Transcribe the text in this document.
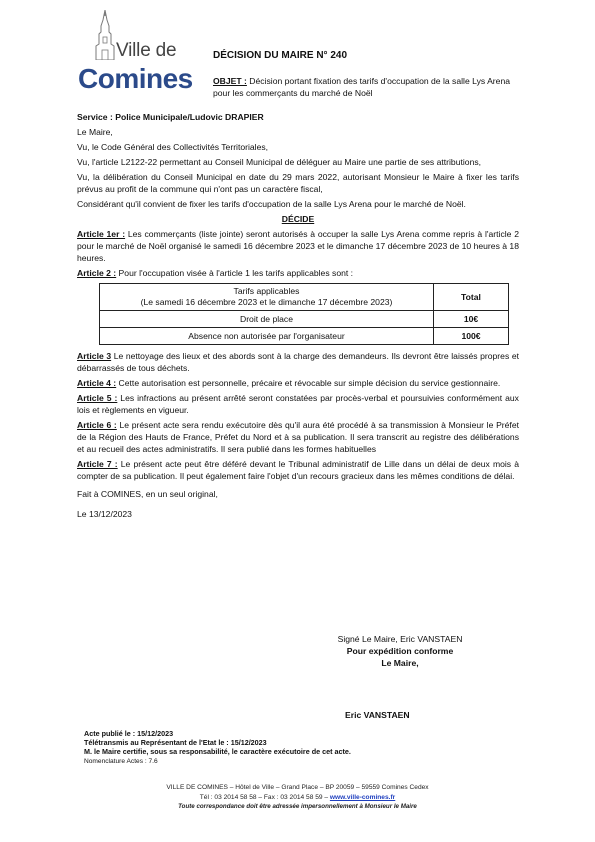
Ville de
Comines
DÉCISION DU MAIRE N° 240
OBJET : Décision portant fixation des tarifs d'occupation de la salle Lys Arena pour les commerçants du marché de Noël

Service : Police Municipale/Ludovic DRAPIER

Le Maire,

Vu, le Code Général des Collectivités Territoriales,

Vu, l'article L2122-22 permettant au Conseil Municipal de déléguer au Maire une partie de ses attributions,

Vu, la délibération du Conseil Municipal en date du 29 mars 2022, autorisant Monsieur le Maire à fixer les tarifs prévus au profit de la commune qui n'ont pas un caractère fiscal,

Considérant qu'il convient de fixer les tarifs d'occupation de la salle Lys Arena pour le marché de Noël.

DÉCIDE

Article 1er : Les commerçants (liste jointe) seront autorisés à occuper la salle Lys Arena comme repris à l'article 2 pour le marché de Noël organisé le samedi 16 décembre 2023 et le dimanche 17 décembre 2023 de 10 heures à 18 heures.

Article 2 : Pour l'occupation visée à l'article 1 les tarifs applicables sont :

Tarifs applicables
(Le samedi 16 décembre 2023 et le dimanche 17 décembre 2023)	Total
Droit de place	10€
Absence non autorisée par l'organisateur	100€

Article 3 Le nettoyage des lieux et des abords sont à la charge des demandeurs. Ils devront être laissés propres et débarrassés de tous déchets.

Article 4 : Cette autorisation est personnelle, précaire et révocable sur simple décision du service gestionnaire.

Article 5 : Les infractions au présent arrêté seront constatées par procès-verbal et poursuivies conformément aux lois et règlements en vigueur.

Article 6 : Le présent acte sera rendu exécutoire dès qu'il aura été procédé à sa transmission à Monsieur le Préfet de la Région des Hauts de France, Préfet du Nord et à sa publication. Il sera transcrit au registre des délibérations et au recueil des actes administratifs. Il sera publié dans les formes habituelles

Article 7 : Le présent acte peut être déféré devant le Tribunal administratif de Lille dans un délai de deux mois à compter de sa publication. Il peut également faire l'objet d'un recours gracieux dans les mêmes conditions de délai.

Fait à COMINES, en un seul original,

Le 13/12/2023

Signé Le Maire, Eric VANSTAEN
Pour expédition conforme
Le Maire,
Eric VANSTAEN
Acte publié le : 15/12/2023
Télétransmis au Représentant de l'Etat le : 15/12/2023
M. le Maire certifie, sous sa responsabilité, le caractère exécutoire de cet acte.
Nomenclature Actes : 7.6
VILLE DE COMINES – Hôtel de Ville – Grand Place – BP 20059 – 59559 Comines Cedex
Tél : 03 2014 58 58 – Fax : 03 2014 58 59 – www.ville-comines.fr
Toute correspondance doit être adressée impersonnellement à Monsieur le Maire
